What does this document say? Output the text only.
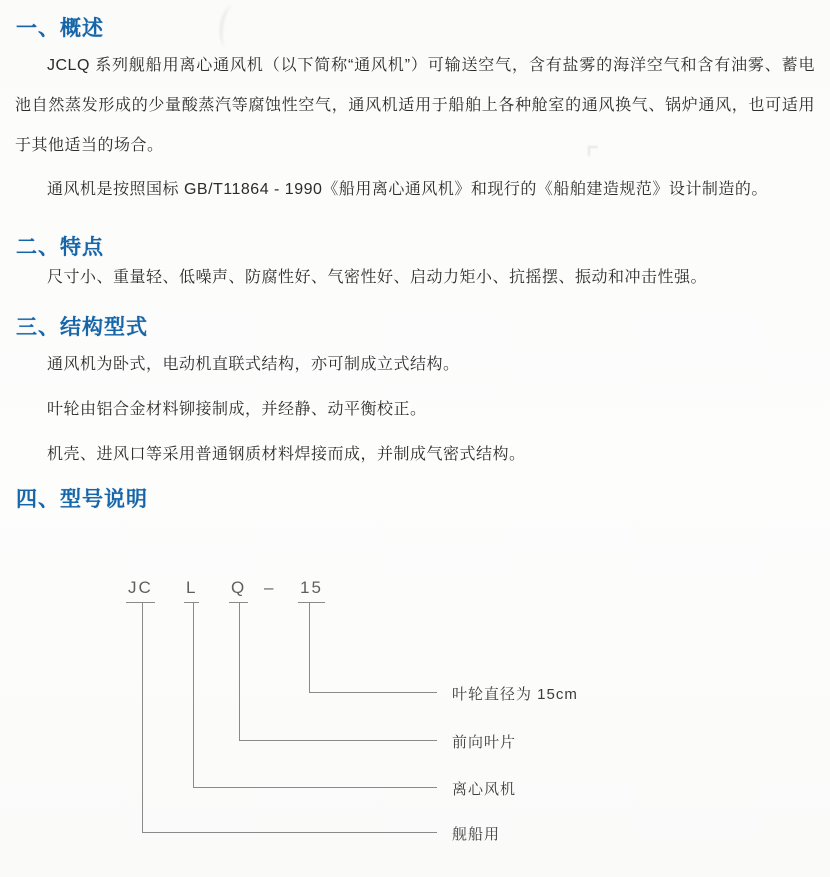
一、概述

JCLQ 系列舰船用离心通风机（以下简称“通风机”）可输送空气，含有盐雾的海洋空气和含有油雾、蓄电池自然蒸发形成的少量酸蒸汽等腐蚀性空气，通风机适用于船舶上各种舱室的通风换气、锅炉通风，也可适用于其他适当的场合。

通风机是按照国标 GB/T11864 - 1990《船用离心通风机》和现行的《船舶建造规范》设计制造的。

二、特点

尺寸小、重量轻、低噪声、防腐性好、气密性好、启动力矩小、抗摇摆、振动和冲击性强。

三、结构型式

通风机为卧式，电动机直联式结构，亦可制成立式结构。

叶轮由铝合金材料铆接制成，并经静、动平衡校正。

机壳、进风口等采用普通钢质材料焊接而成，并制成气密式结构。

四、型号说明
JC L Q – 15
叶轮直径为 15cm
前向叶片
离心风机
舰船用
